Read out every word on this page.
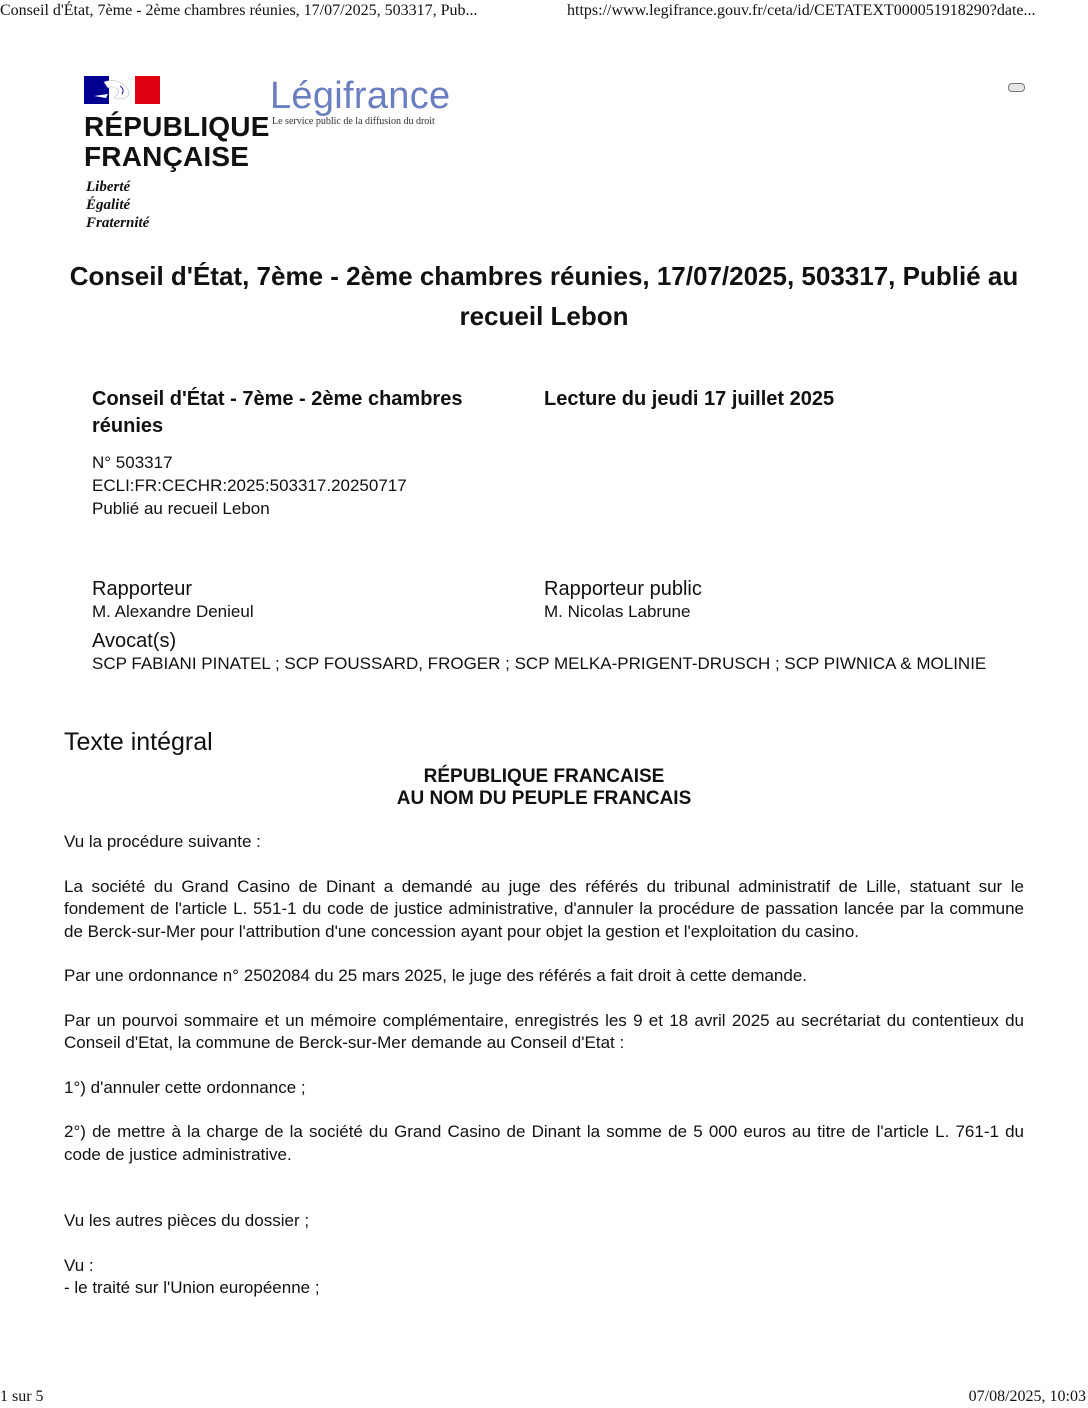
Conseil d'État, 7ème - 2ème chambres réunies, 17/07/2025, 503317, Pub...	https://www.legifrance.gouv.fr/ceta/id/CETATEXT000051918290?date...
RÉPUBLIQUE
FRANÇAISE
Liberté
Égalité
Fraternité
Légifrance
Le service public de la diffusion du droit
Conseil d'État, 7ème - 2ème chambres réunies, 17/07/2025, 503317, Publié au recueil Lebon
Conseil d'État - 7ème - 2ème chambres réunies
N° 503317
ECLI:FR:CECHR:2025:503317.20250717
Publié au recueil Lebon
Lecture du jeudi 17 juillet 2025
Rapporteur
M. Alexandre Denieul
Rapporteur public
M. Nicolas Labrune
Avocat(s)
SCP FABIANI PINATEL ; SCP FOUSSARD, FROGER ; SCP MELKA-PRIGENT-DRUSCH ; SCP PIWNICA & MOLINIE
Texte intégral
RÉPUBLIQUE FRANCAISE
AU NOM DU PEUPLE FRANCAIS

Vu la procédure suivante :

La société du Grand Casino de Dinant a demandé au juge des référés du tribunal administratif de Lille, statuant sur le fondement de l'article L. 551-1 du code de justice administrative, d'annuler la procédure de passation lancée par la commune de Berck-sur-Mer pour l'attribution d'une concession ayant pour objet la gestion et l'exploitation du casino.

Par une ordonnance n° 2502084 du 25 mars 2025, le juge des référés a fait droit à cette demande.

Par un pourvoi sommaire et un mémoire complémentaire, enregistrés les 9 et 18 avril 2025 au secrétariat du contentieux du Conseil d'Etat, la commune de Berck-sur-Mer demande au Conseil d'Etat :

1°) d'annuler cette ordonnance ;

2°) de mettre à la charge de la société du Grand Casino de Dinant la somme de 5 000 euros au titre de l'article L. 761-1 du code de justice administrative.

Vu les autres pièces du dossier ;

Vu :

- le traité sur l'Union européenne ;

1 sur 5	07/08/2025, 10:03
